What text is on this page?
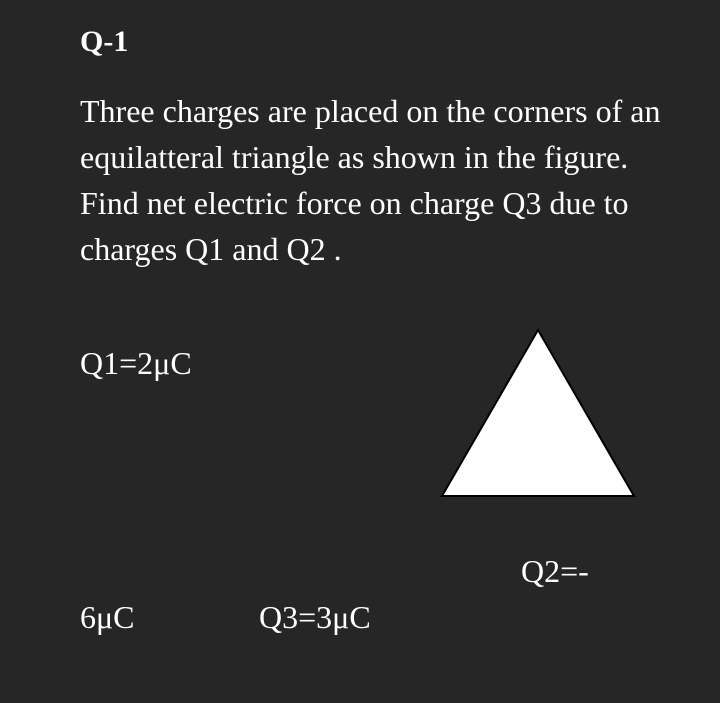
Q-1

Three charges are placed on the corners of an equilatteral triangle as shown in the figure. Find net electric force on charge Q3 due to charges Q1 and Q2 .

Q1=2μC
Q2=-
6μC	Q3=3μC
